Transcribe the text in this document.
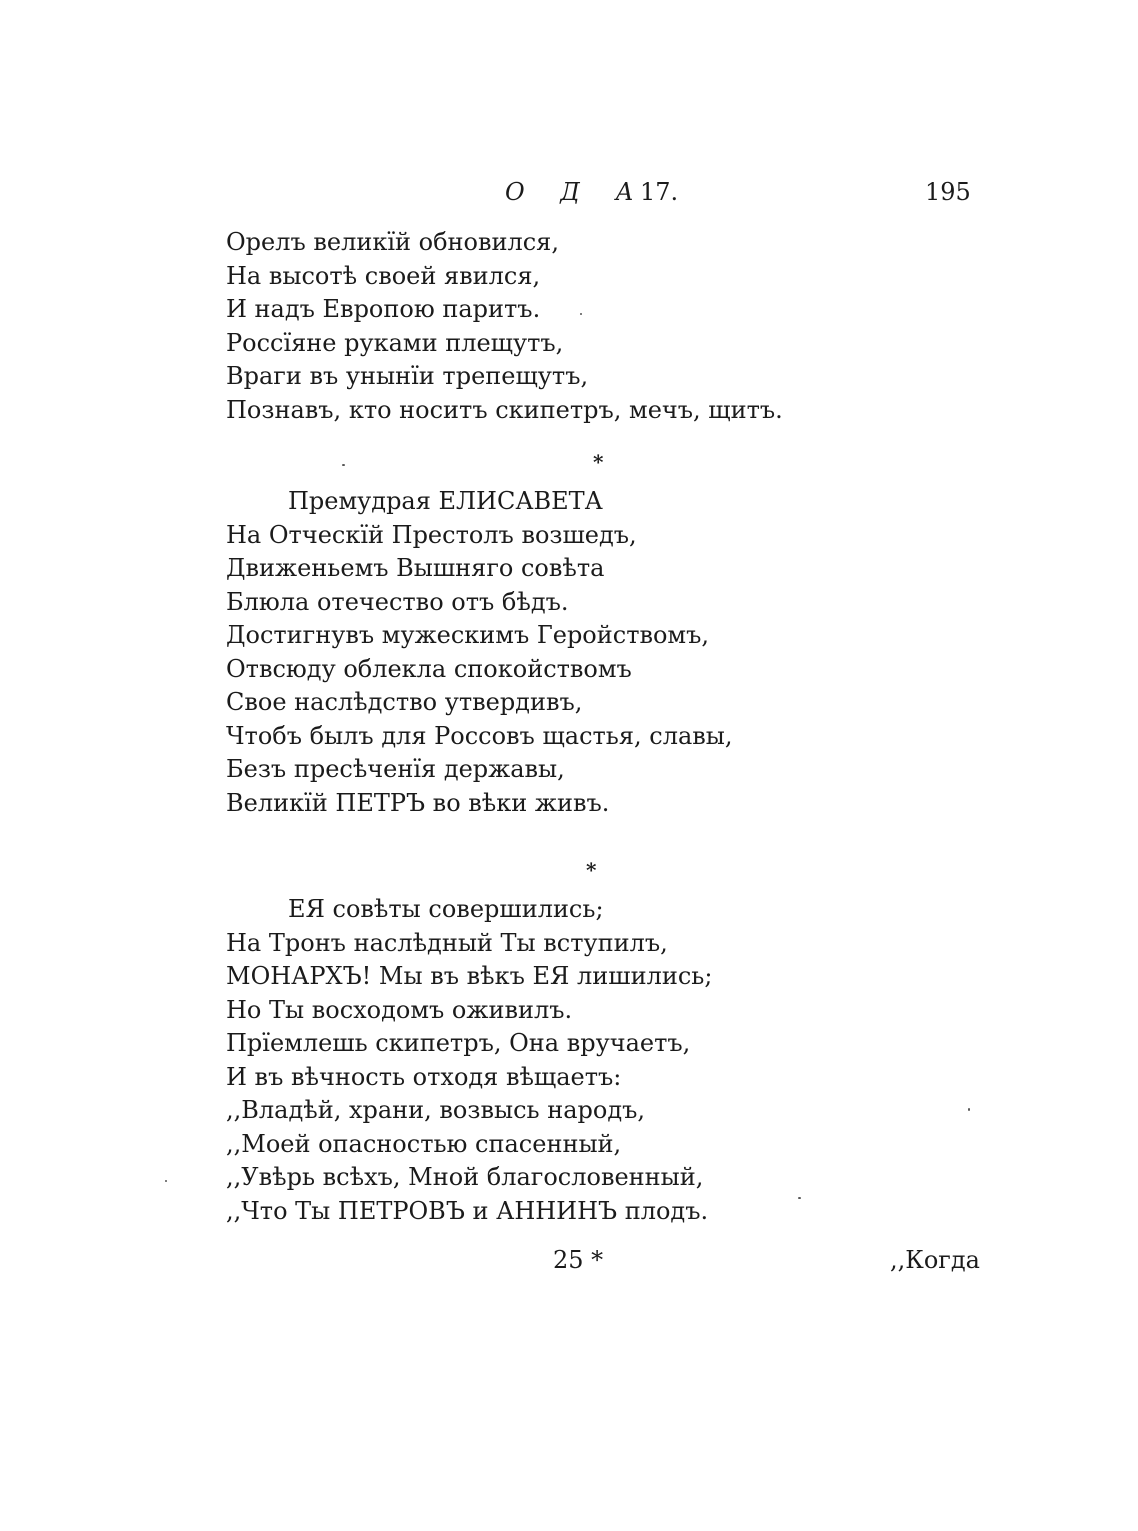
О Д А
17.	195
Орелъ великїй обновился,
На высотѣ своей явился,
И надъ Европою паритъ.
Россїяне руками плещутъ,
Враги въ унынїи трепещутъ,
Познавъ, кто носитъ скипетръ, мечъ, щитъ.
*
Премудрая ЕЛИСАВЕТА
На Отческїй Престолъ возшедъ,
Движеньемъ Вышняго совѣта
Блюла отечество отъ бѣдъ.
Достигнувъ мужескимъ Геройствомъ,
Отвсюду облекла спокойствомъ
Свое наслѣдство утвердивъ,
Чтобъ былъ для Россовъ щастья, славы,
Безъ пресѣченїя державы,
Великїй ПЕТРЪ во вѣки живъ.
*
ЕЯ совѣты совершились;
На Тронъ наслѣдный Ты вступилъ,
МОНАРХЪ! Мы въ вѣкъ ЕЯ лишились;
Но Ты восходомъ оживилъ.
Прїемлешь скипетръ, Она вручаетъ,
И въ вѣчность отходя вѣщаетъ:
,,Владѣй, храни, возвысь народъ,
,,Моей опасностью спасенный,
,,Увѣрь всѣхъ, Мной благословенный,
,,Что Ты ПЕТРОВЪ и АННИНЪ плодъ.
25 *	,,Когда
